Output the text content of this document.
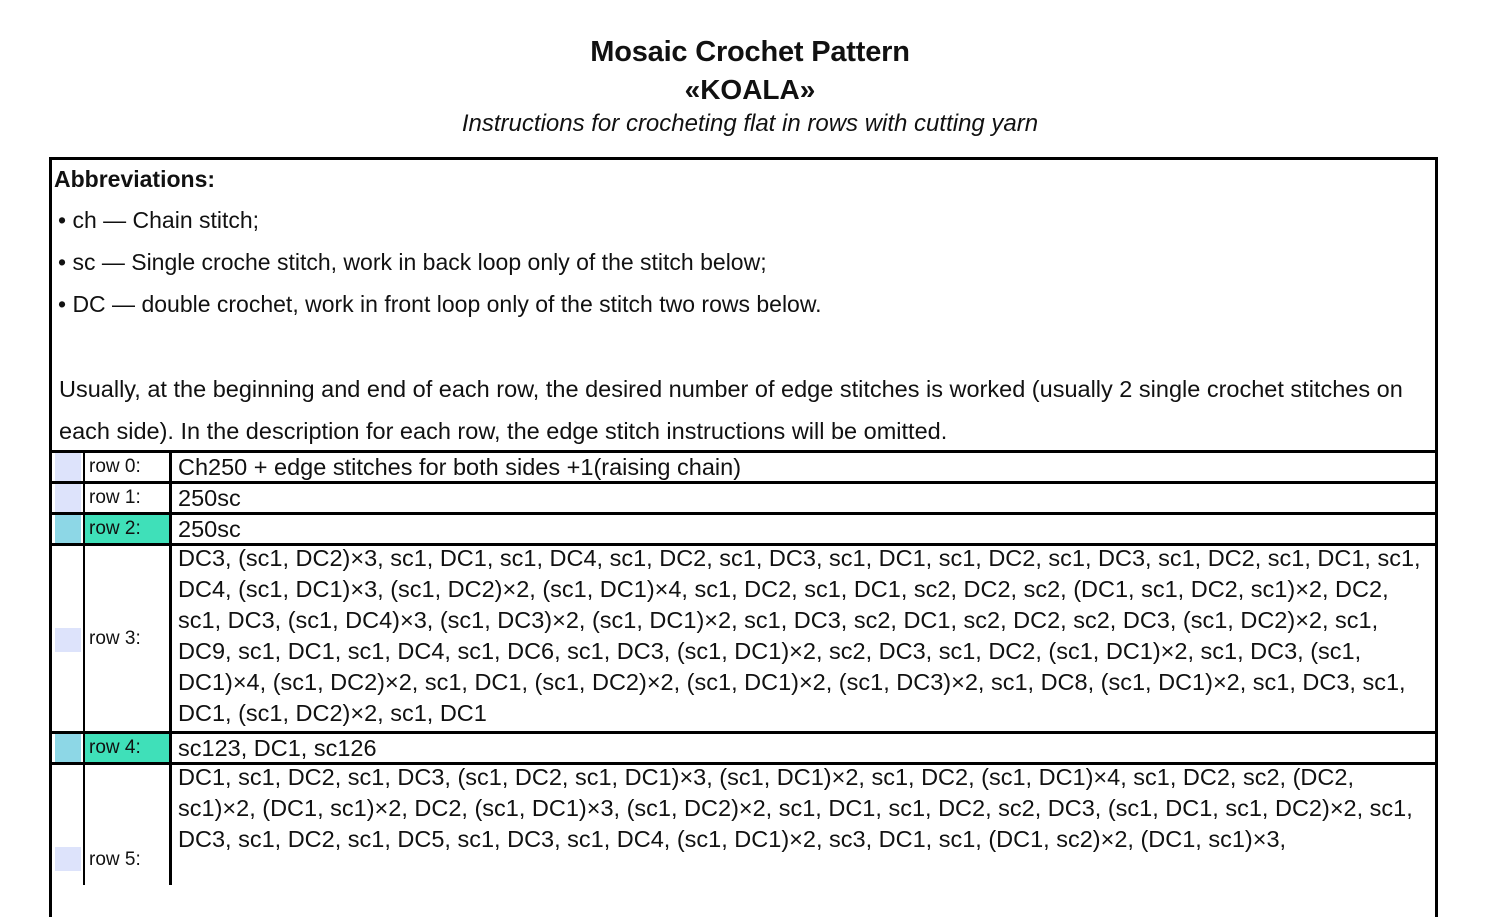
Mosaic Crochet Pattern
«KOALA»
Instructions for crocheting flat in rows with cutting yarn
Abbreviations:
• ch — Chain stitch;
• sc — Single croche stitch, work in back loop only of the stitch below;
• DC — double crochet, work in front loop only of the stitch two rows below.
Usually, at the beginning and end of each row, the desired number of edge stitches is worked (usually 2 single crochet stitches on each side). In the description for each row, the edge stitch instructions will be omitted.
row 0:	Ch250 + edge stitches for both sides +1(raising chain)
row 1:	250sc
row 2:	250sc
row 3:
DC3, (sc1, DC2)×3, sc1, DC1, sc1, DC4, sc1, DC2, sc1, DC3, sc1, DC1, sc1, DC2, sc1, DC3, sc1, DC2, sc1, DC1, sc1, DC4, (sc1, DC1)×3, (sc1, DC2)×2, (sc1, DC1)×4, sc1, DC2, sc1, DC1, sc2, DC2, sc2, (DC1, sc1, DC2, sc1)×2, DC2, sc1, DC3, (sc1, DC4)×3, (sc1, DC3)×2, (sc1, DC1)×2, sc1, DC3, sc2, DC1, sc2, DC2, sc2, DC3, (sc1, DC2)×2, sc1, DC9, sc1, DC1, sc1, DC4, sc1, DC6, sc1, DC3, (sc1, DC1)×2, sc2, DC3, sc1, DC2, (sc1, DC1)×2, sc1, DC3, (sc1, DC1)×4, (sc1, DC2)×2, sc1, DC1, (sc1, DC2)×2, (sc1, DC1)×2, (sc1, DC3)×2, sc1, DC8, (sc1, DC1)×2, sc1, DC3, sc1, DC1, (sc1, DC2)×2, sc1, DC1
row 4:	sc123, DC1, sc126
row 5:
DC1, sc1, DC2, sc1, DC3, (sc1, DC2, sc1, DC1)×3, (sc1, DC1)×2, sc1, DC2, (sc1, DC1)×4, sc1, DC2, sc2, (DC2, sc1)×2, (DC1, sc1)×2, DC2, (sc1, DC1)×3, (sc1, DC2)×2, sc1, DC1, sc1, DC2, sc2, DC3, (sc1, DC1, sc1, DC2)×2, sc1, DC3, sc1, DC2, sc1, DC5, sc1, DC3, sc1, DC4, (sc1, DC1)×2, sc3, DC1, sc1, (DC1, sc2)×2, (DC1, sc1)×3,
